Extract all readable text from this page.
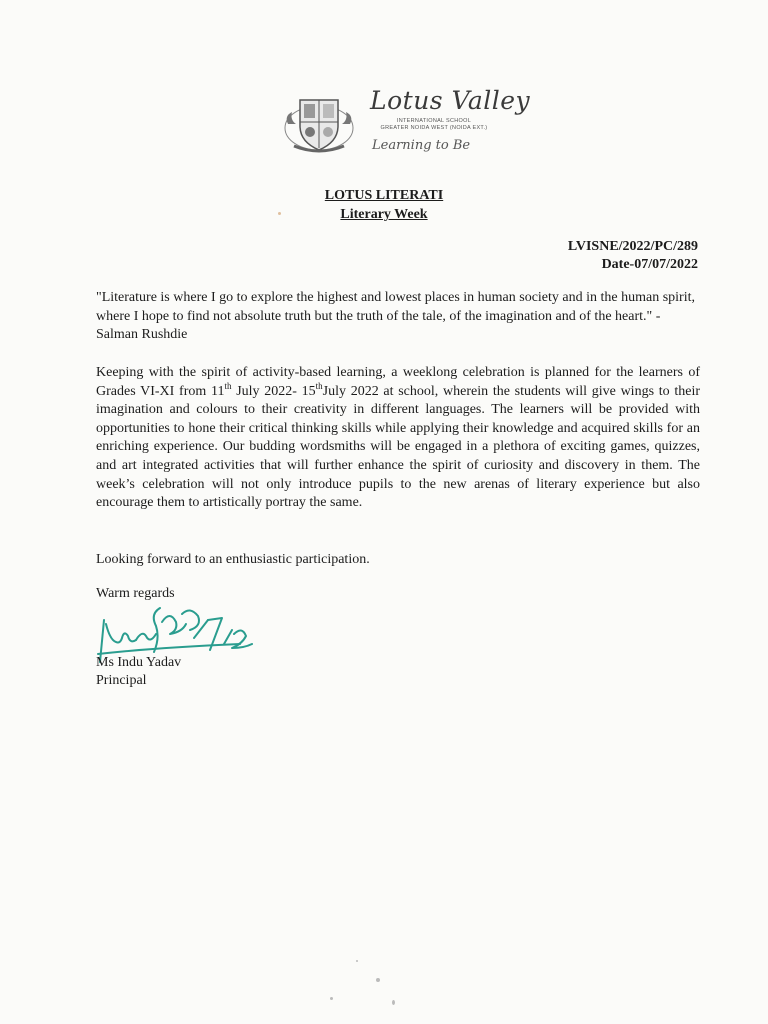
Lotus Valley
INTERNATIONAL SCHOOL
GREATER NOIDA WEST (NOIDA EXT.)
Learning to Be
LOTUS LITERATI
Literary Week
LVISNE/2022/PC/289
Date-07/07/2022
"Literature is where I go to explore the highest and lowest places in human society and in the human spirit, where I hope to find not absolute truth but the truth of the tale, of the imagination and of the heart." - Salman Rushdie
Keeping with the spirit of activity-based learning, a weeklong celebration is planned for the learners of Grades VI-XI from 11th July 2022- 15thJuly 2022 at school, wherein the students will give wings to their imagination and colours to their creativity in different languages. The learners will be provided with opportunities to hone their critical thinking skills while applying their knowledge and acquired skills for an enriching experience. Our budding wordsmiths will be engaged in a plethora of exciting games, quizzes, and art integrated activities that will further enhance the spirit of curiosity and discovery in them. The week’s celebration will not only introduce pupils to the new arenas of literary experience but also encourage them to artistically portray the same.
Looking forward to an enthusiastic participation.
Warm regards
Ms Indu Yadav
Principal
